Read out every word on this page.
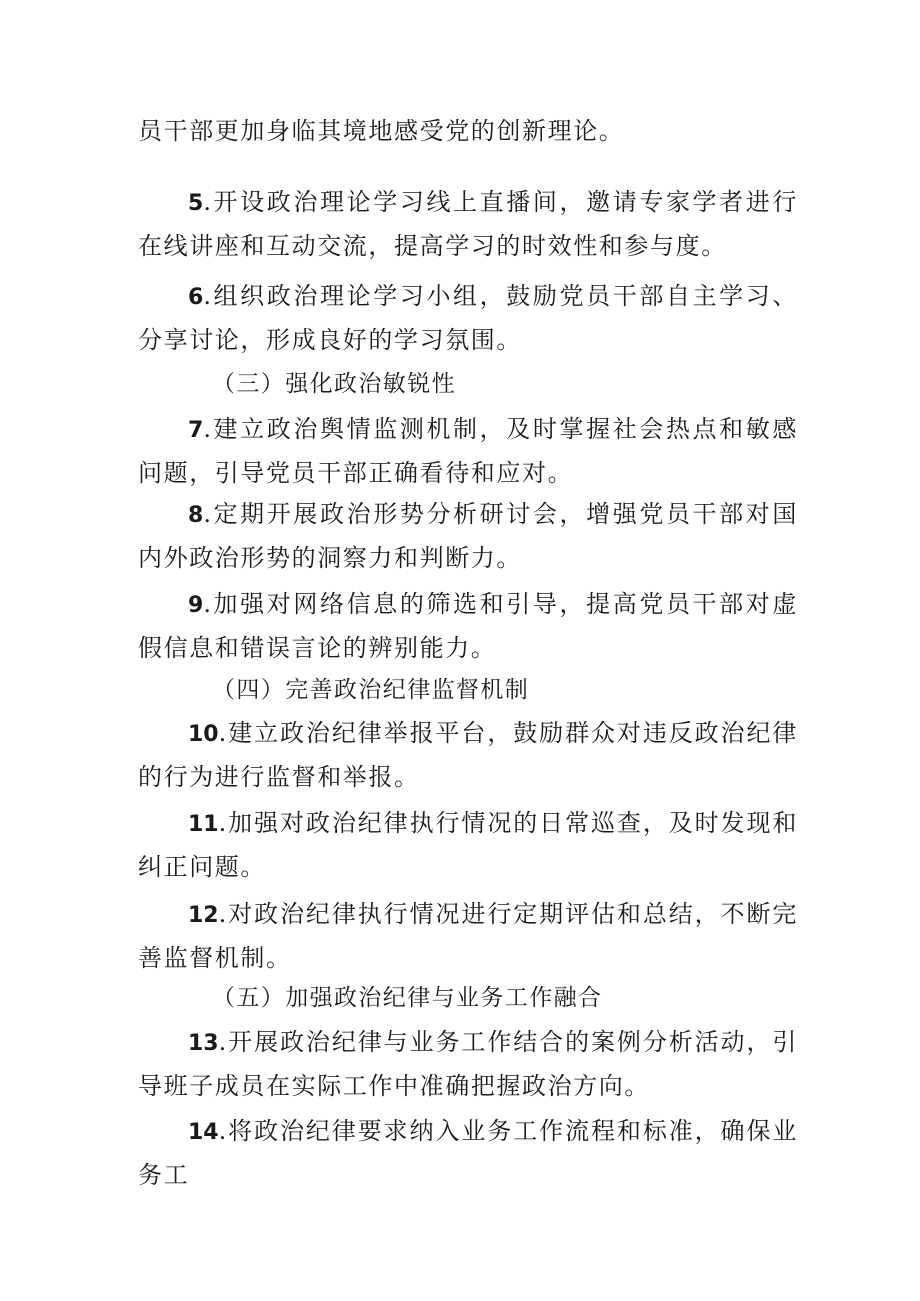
员干部更加身临其境地感受党的创新理论。

5.开设政治理论学习线上直播间，邀请专家学者进行在线讲座和互动交流，提高学习的时效性和参与度。

6.组织政治理论学习小组，鼓励党员干部自主学习、分享讨论，形成良好的学习氛围。

（三）强化政治敏锐性

7.建立政治舆情监测机制，及时掌握社会热点和敏感问题，引导党员干部正确看待和应对。

8.定期开展政治形势分析研讨会，增强党员干部对国内外政治形势的洞察力和判断力。

9.加强对网络信息的筛选和引导，提高党员干部对虚假信息和错误言论的辨别能力。

（四）完善政治纪律监督机制

10.建立政治纪律举报平台，鼓励群众对违反政治纪律的行为进行监督和举报。

11.加强对政治纪律执行情况的日常巡查，及时发现和纠正问题。

12.对政治纪律执行情况进行定期评估和总结，不断完善监督机制。

（五）加强政治纪律与业务工作融合

13.开展政治纪律与业务工作结合的案例分析活动，引导班子成员在实际工作中准确把握政治方向。

14.将政治纪律要求纳入业务工作流程和标准，确保业务工
